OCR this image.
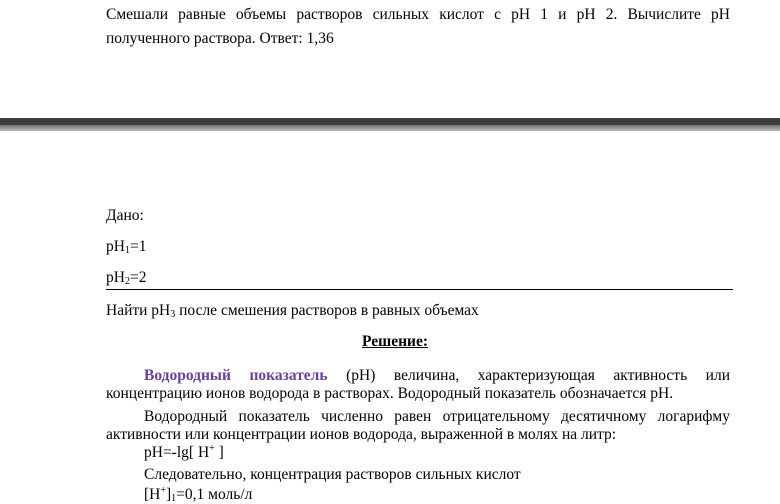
Смешали равные объемы растворов сильных кислот с pH 1 и pH 2. Вычислите pH
полученного раствора. Ответ: 1,36
Дано:
$pH_1=1$
$pH_2=2$
Найти $pH_3$ после смешения растворов в равных объемах
Решение:
Водородный показатель (pH) величина, характеризующая активность или
концентрацию ионов водорода в растворах. Водородный показатель обозначается pH.
Водородный показатель численно равен отрицательному десятичному логарифму
активности или концентрации ионов водорода, выраженной в молях на литр:
pH=-lg[ H+ ]
Следовательно, концентрация растворов сильных кислот
$[H^+]_1=0,1$ моль/л
